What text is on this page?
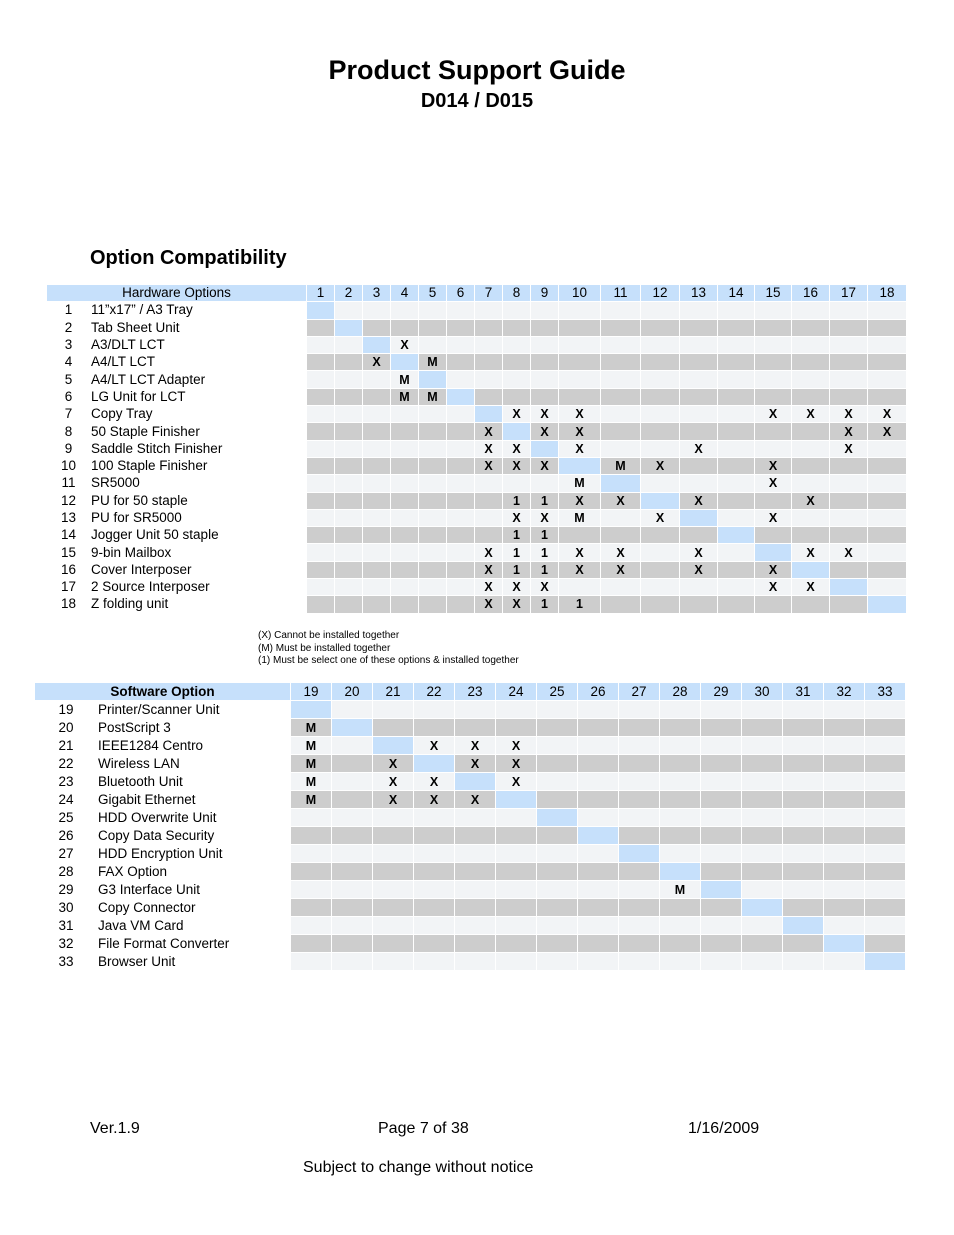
Product Support Guide
D014 / D015
Option Compatibility
Hardware Options		1	2	3	4	5	6	7	8	9	10	11	12	13	14	15	16	17	18
1	11”x17” / A3 Tray																		
2	Tab Sheet Unit																		
3	A3/DLT LCT				X														
4	A4/LT LCT			X		M													
5	A4/LT LCT Adapter				M														
6	LG Unit for LCT				M	M													
7	Copy Tray								X	X	X					X	X	X	X
8	50 Staple Finisher							X		X	X							X	X
9	Saddle Stitch Finisher							X	X		X			X				X	
10	100 Staple Finisher							X	X	X		M	X			X			
11	SR5000										M					X			
12	PU for 50 staple								1	1	X	X		X			X		
13	PU for SR5000								X	X	M		X			X			
14	Jogger Unit 50 staple								1	1									
15	9-bin Mailbox							X	1	1	X	X		X			X	X	
16	Cover Interposer							X	1	1	X	X		X		X			
17	2 Source Interposer							X	X	X						X	X		
18	Z folding unit							X	X	1	1								
(X) Cannot be installed together
(M) Must be installed together
(1) Must be select one of these options & installed together
Software Option		19	20	21	22	23	24	25	26	27	28	29	30	31	32	33
19	Printer/Scanner Unit															
20	PostScript 3	M														
21	IEEE1284 Centro	M			X	X	X									
22	Wireless LAN	M		X		X	X									
23	Bluetooth Unit	M		X	X		X									
24	Gigabit Ethernet	M		X	X	X										
25	HDD Overwrite Unit															
26	Copy Data Security															
27	HDD Encryption Unit															
28	FAX Option															
29	G3 Interface Unit										M					
30	Copy Connector															
31	Java VM Card															
32	File Format Converter															
33	Browser Unit															
Ver.1.9	Page 7 of 38	1/16/2009
Subject to change without notice
